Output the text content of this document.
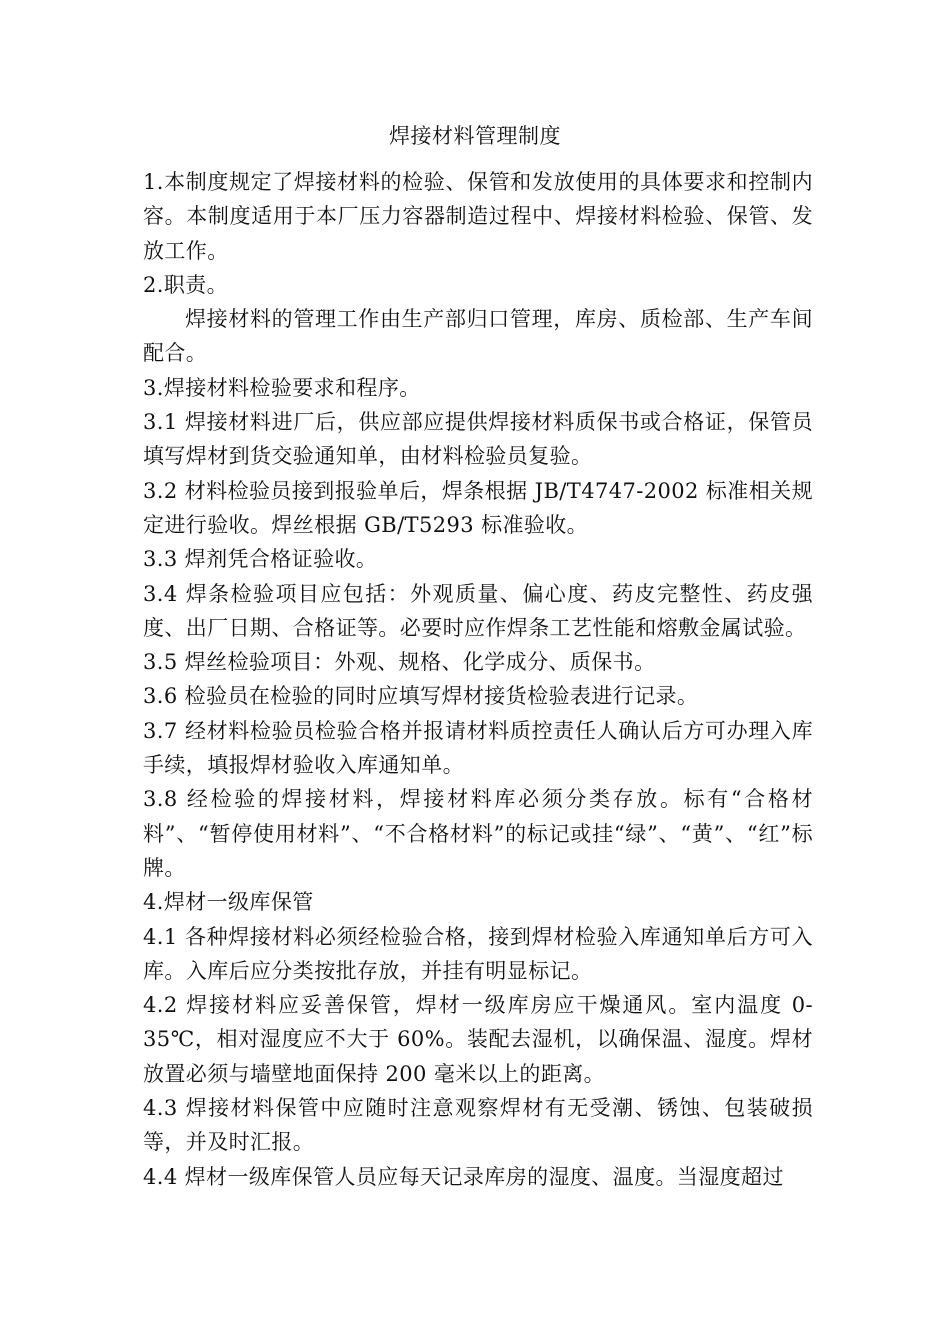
焊接材料管理制度

1.本制度规定了焊接材料的检验、保管和发放使用的具体要求和控制内容。本制度适用于本厂压力容器制造过程中、焊接材料检验、保管、发放工作。

2.职责。

焊接材料的管理工作由生产部归口管理，库房、质检部、生产车间配合。

3.焊接材料检验要求和程序。

3.1 焊接材料进厂后，供应部应提供焊接材料质保书或合格证，保管员填写焊材到货交验通知单，由材料检验员复验。

3.2 材料检验员接到报验单后，焊条根据 JB/T4747-2002 标准相关规定进行验收。焊丝根据 GB/T5293 标准验收。

3.3 焊剂凭合格证验收。

3.4 焊条检验项目应包括：外观质量、偏心度、药皮完整性、药皮强度、出厂日期、合格证等。必要时应作焊条工艺性能和熔敷金属试验。

3.5 焊丝检验项目：外观、规格、化学成分、质保书。

3.6 检验员在检验的同时应填写焊材接货检验表进行记录。

3.7 经材料检验员检验合格并报请材料质控责任人确认后方可办理入库手续，填报焊材验收入库通知单。

3.8 经检验的焊接材料，焊接材料库必须分类存放。标有“合格材料”、“暂停使用材料”、“不合格材料”的标记或挂“绿”、“黄”、“红”标牌。

4.焊材一级库保管

4.1 各种焊接材料必须经检验合格，接到焊材检验入库通知单后方可入库。入库后应分类按批存放，并挂有明显标记。

4.2 焊接材料应妥善保管，焊材一级库房应干燥通风。室内温度 0-35℃，相对湿度应不大于 60%。装配去湿机，以确保温、湿度。焊材放置必须与墙壁地面保持 200 毫米以上的距离。

4.3 焊接材料保管中应随时注意观察焊材有无受潮、锈蚀、包装破损等，并及时汇报。

4.4 焊材一级库保管人员应每天记录库房的湿度、温度。当湿度超过
